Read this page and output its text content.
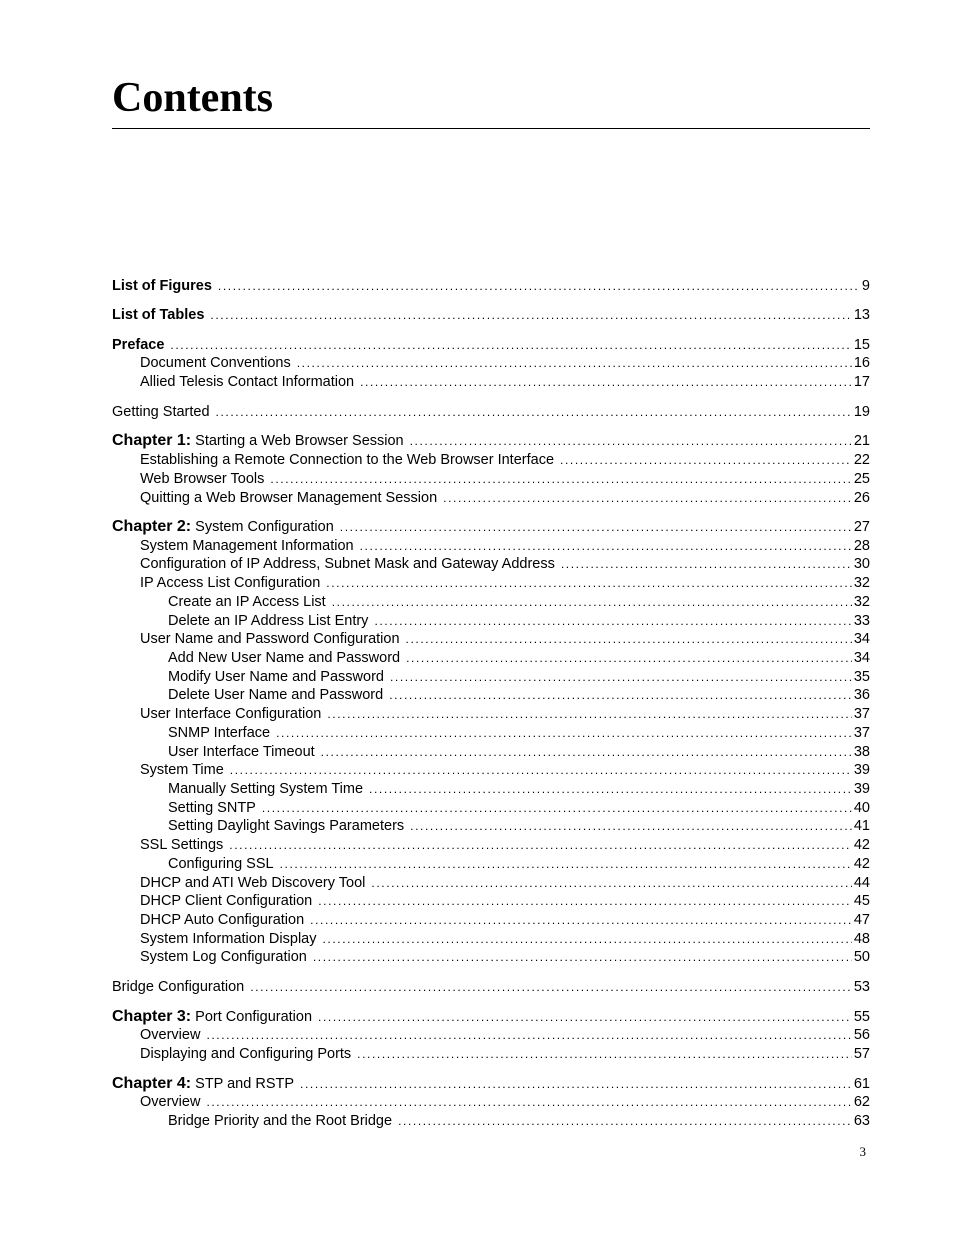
Contents
List of Figures .....	9
List of Tables .....	13
Preface .....	15
Document Conventions .....	16
Allied Telesis Contact Information .....	17
Getting Started .....	19
Chapter 1: Starting a Web Browser Session .....	21
Establishing a Remote Connection to the Web Browser Interface .....	22
Web Browser Tools .....	25
Quitting a Web Browser Management Session .....	26
Chapter 2: System Configuration .....	27
System Management Information .....	28
Configuration of IP Address, Subnet Mask and Gateway Address .....	30
IP Access List Configuration .....	32
Create an IP Access List .....	32
Delete an IP Address List Entry .....	33
User Name and Password Configuration .....	34
Add New User Name and Password .....	34
Modify User Name and Password .....	35
Delete User Name and Password .....	36
User Interface Configuration .....	37
SNMP Interface .....	37
User Interface Timeout .....	38
System Time .....	39
Manually Setting System Time .....	39
Setting SNTP .....	40
Setting Daylight Savings Parameters .....	41
SSL Settings .....	42
Configuring SSL .....	42
DHCP and ATI Web Discovery Tool .....	44
DHCP Client Configuration .....	45
DHCP Auto Configuration .....	47
System Information Display .....	48
System Log Configuration .....	50
Bridge Configuration .....	53
Chapter 3: Port Configuration .....	55
Overview .....	56
Displaying and Configuring Ports .....	57
Chapter 4: STP and RSTP .....	61
Overview .....	62
Bridge Priority and the Root Bridge .....	63
3
